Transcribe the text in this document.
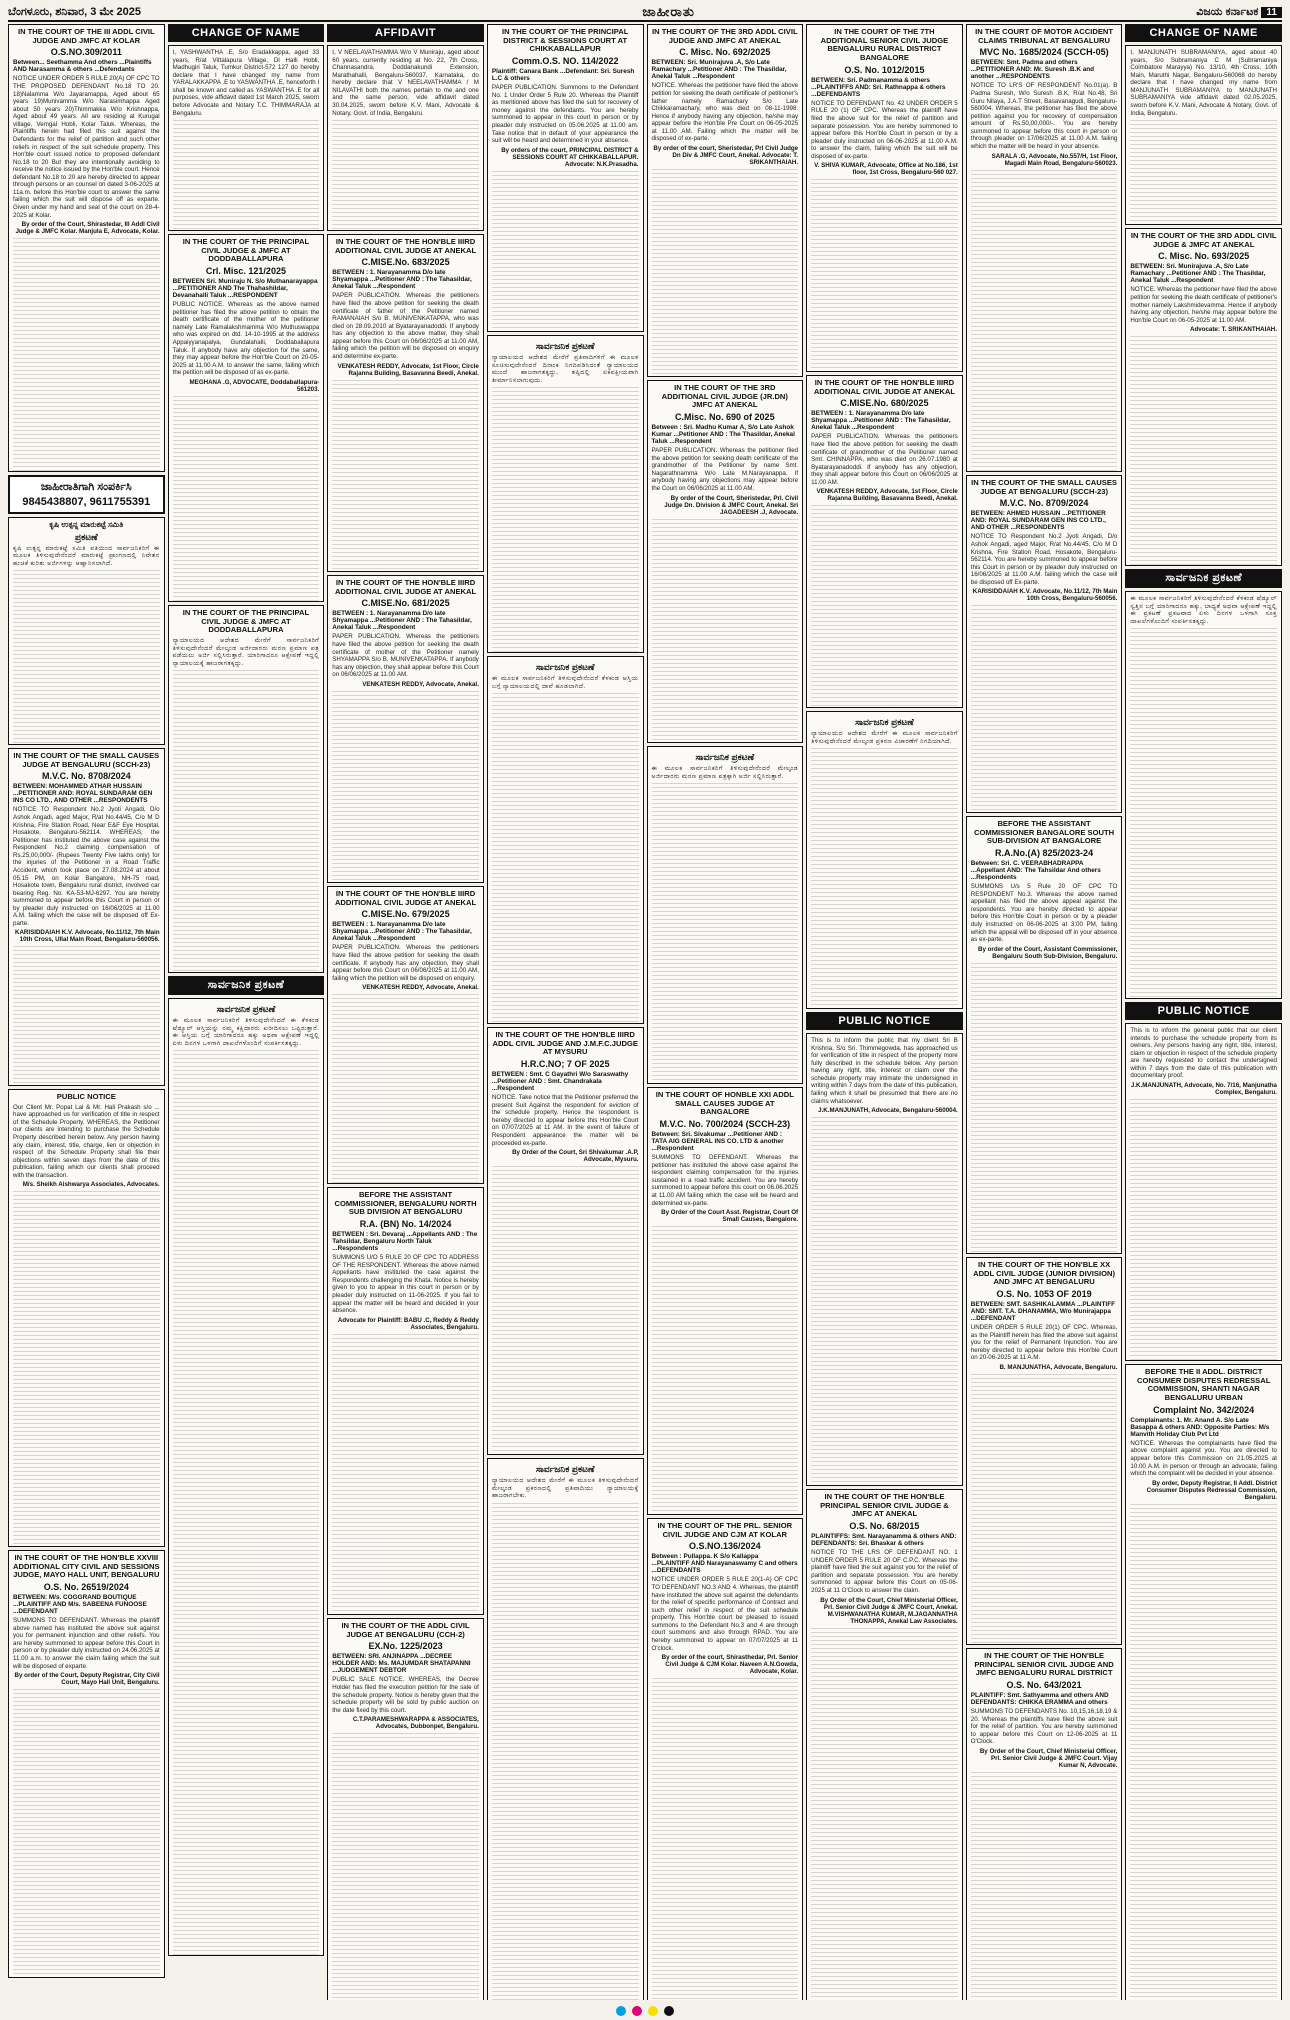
ಬೆಂಗಳೂರು, ಶನಿವಾರ, 3 ಮೇ 2025	ಜಾಹೀರಾತು	ವಿಜಯ ಕರ್ನಾಟಕ 11
IN THE COURT OF THE III ADDL CIVIL JUDGE AND JMFC AT KOLAR
O.S.NO.309/2011
Between... Seethamma And others ...Plaintiffs AND Narasamma & others ...Defendants
NOTICE UNDER ORDER 5 RULE 20(A) OF CPC TO THE PROPOSED DEFENDANT No.18 TO 20. 18)Nalamma W/o Jayaramappa, Aged about 65 years 19)Munivamma W/o Narasimhappa Aged about 50 years 20)Thimmakka W/o Krishnappa, Aged about 49 years. All are residing at Kurugal village, Vemgal Hobli, Kolar Taluk. Whereas, the Plaintiffs herein had filed this suit against the Defendants for the relief of partition and such other reliefs in respect of the suit schedule property. This Hon'ble court issued notice to proposed defendant No.18 to 20 But they are intentionally avoiding to receive the notice issued by the Hon'ble court. Hence defendant No.18 to 20 are hereby directed to appear through persons or an counsel on dated 3-06-2025 at 11a.m. before this Hon'ble court to answer the same failing which the suit will dispose off as exparte. Given under my hand and seal of the court on 28-4-2025 at Kolar.
By order of the Court, Shirastedar, III Addl Civil Judge & JMFC Kolar. Manjula E, Advocate, Kolar.
ಜಾಹೀರಾತಿಗಾಗಿ ಸಂಪರ್ಕಿಸಿ
9845438807, 9611755391
ಕೃಷಿ ಉತ್ಪನ್ನ ಮಾರುಕಟ್ಟೆ ಸಮಿತಿ
ಪ್ರಕಟಣೆ
ಕೃಷಿ ಉತ್ಪನ್ನ ಮಾರುಕಟ್ಟೆ ಸಮಿತಿ ವತಿಯಿಂದ ಸಾರ್ವಜನಿಕರಿಗೆ ಈ ಮೂಲಕ ತಿಳಿಸುವುದೇನೆಂದರೆ ಮಾರುಕಟ್ಟೆ ಪ್ರಾಂಗಣದಲ್ಲಿ ನಿವೇಶನ ಹಂಚಿಕೆ ಕುರಿತು ಅರ್ಜಿಗಳನ್ನು ಆಹ್ವಾನಿಸಲಾಗಿದೆ.
IN THE COURT OF THE SMALL CAUSES JUDGE AT BENGALURU (SCCH-23)
M.V.C. No. 8708/2024
BETWEEN: MOHAMMED ATHAR HUSSAIN ...PETITIONER AND: ROYAL SUNDARAM GEN INS CO LTD., AND OTHER ...RESPONDENTS
NOTICE TO Respondent No.2 Jyoti Angadi, D/o Ashok Angadi, aged Major, R/at No.44/45, C/o M D Krishna, Fire Station Road, Near E&F Eye Hospital, Hosakote, Bengaluru-562114. WHEREAS, the Petitioner has instituted the above case against the Respondent No.2 claiming compensation of Rs.25,00,000/- (Rupees Twenty Five lakhs only) for the injuries of the Petitioner in a Road Traffic Accident, which took place on 27.08.2024 at about 05.15 PM, on Kolar Bangalore, NH-75 road, Hosakote town, Bengaluru rural district, involved car bearing Reg. No. KA-53-MJ-6297. You are hereby summoned to appear before this Court in person or by pleader duly instructed on 16/06/2025 at 11.00 A.M. failing which the case will be disposed off Ex-parte.
KARISIDDAIAH K.V. Advocate, No.11/12, 7th Main 10th Cross, Ullal Main Road, Bengaluru-560056.
PUBLIC NOTICE
Our Client Mr. Popat Lal & Mr. Hali Prakash s/o ... have approached us for verification of title in respect of the Schedule Property. WHEREAS, the Petitioner our clients are intending to purchase the Schedule Property described herein below. Any person having any claim, interest, title, charge, lien or objection in respect of the Schedule Property shall file their objections within seven days from the date of this publication, failing which our clients shall proceed with the transaction.
M/s. Sheikh Aishwarya Associates, Advocates.
IN THE COURT OF THE HON'BLE XXVIII ADDITIONAL CITY CIVIL AND SESSIONS JUDGE, MAYO HALL UNIT, BENGALURU
O.S. No. 26519/2024
BETWEEN: M/s. COGGRAND BOUTIQUE ...PLAINTIFF AND M/s. SABEENA FUNOOSE ...DEFENDANT
SUMMONS TO DEFENDANT. Whereas the plaintiff above named has instituted the above suit against you for permanent injunction and other reliefs. You are hereby summoned to appear before this Court in person or by pleader duly instructed on 24.06.2025 at 11.00 a.m. to answer the claim failing which the suit will be disposed of exparte.
By order of the Court, Deputy Registrar, City Civil Court, Mayo Hall Unit, Bengaluru.
CHANGE OF NAME
I, YASHWANTHA .E, S/o Eradakkappa, aged 33 years, R/at Vittalapura Village, Dl Halli Hobli, Madhugiri Taluk, Tumkur District-572 127 do hereby declare that I have changed my name from YARALAKKAPPA .E to YASWANTHA .E, henceforth I shall be known and called as YASWANTHA .E for all purposes, vide affidavit dated 1st March 2025, sworn before Advocate and Notary T.C. THIMMARAJA at Bengaluru.
IN THE COURT OF THE PRINCIPAL CIVIL JUDGE & JMFC AT DODDABALLAPURA
Crl. Misc. 121/2025
BETWEEN Sri. Muniraju N. S/o Muthanarayappa ...PETITIONER AND The Thahashildar, Devanahalli Taluk ...RESPONDENT
PUBLIC NOTICE. Whereas as the above named petitioner has filed the above petition to obtain the death certificate of the mother of the petitioner namely Late Ramalakshmamma W/o Muthuswappa who was expired on dtd. 14-10-1995 at the address Appaiyyanapalya, Gundalahalli, Doddaballapura Taluk. If anybody have any objection for the same, they may appear before the Hon'ble Court on 20-05-2025 at 11.00 A.M. to answer the same, failing which the petition will be disposed of as ex-parte.
MEGHANA .G, ADVOCATE, Doddaballapura-561203.
IN THE COURT OF THE PRINCIPAL CIVIL JUDGE & JMFC AT DODDABALLAPURA
ನ್ಯಾಯಾಲಯದ ಆದೇಶದ ಮೇರೆಗೆ ಸಾರ್ವಜನಿಕರಿಗೆ ತಿಳಿಸುವುದೇನೆಂದರೆ ಮೇಲ್ಕಂಡ ಅರ್ಜಿದಾರರು ಮರಣ ಪ್ರಮಾಣ ಪತ್ರ ಪಡೆಯಲು ಅರ್ಜಿ ಸಲ್ಲಿಸಿರುತ್ತಾರೆ. ಯಾರಿಗಾದರೂ ಆಕ್ಷೇಪಣೆ ಇದ್ದಲ್ಲಿ ನ್ಯಾಯಾಲಯಕ್ಕೆ ಹಾಜರಾಗತಕ್ಕದ್ದು.
ಸಾರ್ವಜನಿಕ ಪ್ರಕಟಣೆ
ಸಾರ್ವಜನಿಕ ಪ್ರಕಟಣೆ
ಈ ಮೂಲಕ ಸಾರ್ವಜನಿಕರಿಗೆ ತಿಳಿಸುವುದೇನೆಂದರೆ ಈ ಕೆಳಕಂಡ ಷೆಡ್ಯೂಲ್ ಆಸ್ತಿಯನ್ನು ನಮ್ಮ ಕಕ್ಷಿದಾರರು ಖರೀದಿಸಲು ಒಪ್ಪಿರುತ್ತಾರೆ. ಈ ಆಸ್ತಿಯ ಬಗ್ಗೆ ಯಾರಿಗಾದರೂ ಹಕ್ಕು ಅಥವಾ ಆಕ್ಷೇಪಣೆ ಇದ್ದಲ್ಲಿ ಏಳು ದಿನಗಳ ಒಳಗಾಗಿ ದಾಖಲೆಗಳೊಂದಿಗೆ ಸಂಪರ್ಕಿಸತಕ್ಕದ್ದು.
AFFIDAVIT
I, V NEELAVATHAMMA W/o V Muniraju, aged about 60 years, currently residing at No. 22, 7th Cross, Channasandra, Doddanakundi Extension, Marathahalli, Bengaluru-560037, Karnataka, do hereby declare that V NEELAVATHAMMA / M NILAVATHI both the names pertain to me and one and the same person, vide affidavit dated 30.04.2025, sworn before K.V. Mani, Advocate & Notary, Govt. of India, Bengaluru.
IN THE COURT OF THE HON'BLE IIIRD ADDITIONAL CIVIL JUDGE AT ANEKAL
C.MISE.No. 683/2025
BETWEEN : 1. Narayanamma D/o late Shyamappa ...Petitioner AND : The Tahasildar, Anekal Taluk ...Respondent
PAPER PUBLICATION. Whereas the petitioners have filed the above petition for seeking the death certificate of father of the Petitioner named RAMANAIAH S/o B. MUNIVENKATAPPA, who was died on 28.09.2010 at Byatarayanadoddi. If anybody has any objection to the above matter, they shall appear before this Court on 06/06/2025 at 11.00 AM, failing which the petition will be disposed on enquiry and determine ex-parte.
VENKATESH REDDY, Advocate, 1st Floor, Circle Rajanna Building, Basavanna Beedi, Anekal.
IN THE COURT OF THE HON'BLE IIIRD ADDITIONAL CIVIL JUDGE AT ANEKAL
C.MISE.No. 681/2025
BETWEEN : 1. Narayanamma D/o late Shyamappa ...Petitioner AND : The Tahasildar, Anekal Taluk ...Respondent
PAPER PUBLICATION. Whereas the petitioners have filed the above petition for seeking the death certificate of mother of the Petitioner namely SHYAMAPPA S/o B. MUNIVENKATAPPA. If anybody has any objection, they shall appear before this Court on 06/06/2025 at 11.00 AM.
VENKATESH REDDY, Advocate, Anekal.
IN THE COURT OF THE HON'BLE IIIRD ADDITIONAL CIVIL JUDGE AT ANEKAL
C.MISE.No. 679/2025
BETWEEN : 1. Narayanamma D/o late Shyamappa ...Petitioner AND : The Tahasildar, Anekal Taluk ...Respondent
PAPER PUBLICATION. Whereas the petitioners have filed the above petition for seeking the death certificate. If anybody has any objection, they shall appear before this Court on 06/06/2025 at 11.00 AM, failing which the petition will be disposed on enquiry.
VENKATESH REDDY, Advocate, Anekal.
BEFORE THE ASSISTANT COMMISSIONER, BENGALURU NORTH SUB DIVISION AT BENGALURU
R.A. (BN) No. 14/2024
BETWEEN : Sri. Devaraj ...Appellants AND : The Tahsildar, Bengaluru North Taluk ...Respondents
SUMMONS U/O 5 RULE 20 OF CPC TO ADDRESS OF THE RESPONDENT. Whereas the above named Appellants have instituted the case against the Respondents challenging the Khata. Notice is hereby given to you to appear in this court in person or by pleader duly instructed on 11-06-2025. If you fail to appear the matter will be heard and decided in your absence.
Advocate for Plaintiff: BABU .C, Reddy & Reddy Associates, Bengaluru.
IN THE COURT OF THE ADDL CIVIL JUDGE AT BENGALURU (CCH-2)
EX.No. 1225/2023
BETWEEN: SRI. ANJINAPPA ...DECREE HOLDER AND: Ms. MAJUMDAR SHATAPANNI ...JUDGEMENT DEBTOR
PUBLIC SALE NOTICE. WHEREAS, the Decree Holder has filed the execution petition for the sale of the schedule property. Notice is hereby given that the schedule property will be sold by public auction on the date fixed by this court.
C.T.PARAMESHWARAPPA & ASSOCIATES, Advocates, Dubbonpet, Bengaluru.
IN THE COURT OF THE PRINCIPAL DISTRICT & SESSIONS COURT AT CHIKKABALLAPUR
Comm.O.S. NO. 114/2022
Plaintiff: Canara Bank ...Defendant: Sri. Suresh L.C & others
PAPER PUBLICATION. Summons to the Defendant No. 1 Under Order 5 Rule 20. Whereas the Plaintiff as mentioned above has filed the suit for recovery of money against the defendants. You are hereby summoned to appear in this court in person or by pleader duly instructed on 05.06.2025 at 11.00 am. Take notice that in default of your appearance the suit will be heard and determined in your absence.
By orders of the court, PRINCIPAL DISTRICT & SESSIONS COURT AT CHIKKABALLAPUR. Advocate: N.K.Prasadha.
ಸಾರ್ವಜನಿಕ ಪ್ರಕಟಣೆ
ನ್ಯಾಯಾಲಯದ ಆದೇಶದ ಮೇರೆಗೆ ಪ್ರತಿವಾದಿಗಳಿಗೆ ಈ ಮೂಲಕ ಸೂಚಿಸುವುದೇನೆಂದರೆ ದಿನಾಂಕ ನಿಗದಿಪಡಿಸಿದಂತೆ ನ್ಯಾಯಾಲಯದ ಮುಂದೆ ಹಾಜರಾಗತಕ್ಕದ್ದು, ತಪ್ಪಿದಲ್ಲಿ ಏಕಪಕ್ಷೀಯವಾಗಿ ತೀರ್ಮಾನಿಸಲಾಗುವುದು.
ಸಾರ್ವಜನಿಕ ಪ್ರಕಟಣೆ
ಈ ಮೂಲಕ ಸಾರ್ವಜನಿಕರಿಗೆ ತಿಳಿಸುವುದೇನೆಂದರೆ ಕೆಳಕಂಡ ಆಸ್ತಿಯ ಬಗ್ಗೆ ನ್ಯಾಯಾಲಯದಲ್ಲಿ ದಾವೆ ಹೂಡಲಾಗಿದೆ.
IN THE COURT OF THE HON'BLE IIIRD ADDL CIVIL JUDGE AND J.M.F.C.JUDGE AT MYSURU
H.R.C.NO; 7 OF 2025
BETWEEN : Smt. C Gayathri W/o Saraswathy ...Petitioner AND : Smt. Chandrakala ...Respondent
NOTICE. Take notice that the Petitioner preferred the present Suit Against the respondent for eviction of the schedule property. Hence the respondent is hereby directed to appear before this Hon'ble Court on 07/07/2025 at 11 AM. In the event of failure of Respondent appearance the matter will be proceeded ex-parte.
By Order of the Court, Sri Shivakumar .A.P, Advocate, Mysuru.
ಸಾರ್ವಜನಿಕ ಪ್ರಕಟಣೆ
ನ್ಯಾಯಾಲಯದ ಆದೇಶದ ಮೇರೆಗೆ ಈ ಮೂಲಕ ತಿಳಿಸುವುದೇನೆಂದರೆ ಮೇಲ್ಕಂಡ ಪ್ರಕರಣದಲ್ಲಿ ಪ್ರತಿವಾದಿಯು ನ್ಯಾಯಾಲಯಕ್ಕೆ ಹಾಜರಾಗಬೇಕು.
IN THE COURT OF THE 3RD ADDL CIVIL JUDGE AND JMFC AT ANEKAL
C. Misc. No. 692/2025
BETWEEN: Sri. Munirajuva .A, S/o Late Ramachary ...Petitioner AND : The Thasildar, Anekal Taluk ...Respondent
NOTICE. Whereas the petitioner have filed the above petition for seeking the death certificate of petitioner's father namely Ramachary S/o Late Chikkaramachary, who was died on 08-11-1998. Hence if anybody having any objection, he/she may appear before the Hon'ble Pre Court on 06-05-2025 at 11.00 AM. Failing which the matter will be disposed of ex-parte.
By order of the court, Sheristedar, Prl Civil Judge Dn Div & JMFC Court, Anekal. Advocate: T. SRIKANTHAIAH.
IN THE COURT OF THE 3RD ADDITIONAL CIVIL JUDGE (JR.DN) JMFC AT ANEKAL
C.Misc. No. 690 of 2025
Between : Sri. Madhu Kumar A, S/o Late Ashok Kumar ...Petitioner AND : The Thasildar, Anekal Taluk ...Respondent
PAPER PUBLICATION. Whereas the petitioner filed the above petition for seeking death certificate of the grandmother of the Petitioner by name Smt. Nagarathnamma W/o Late M.Narayanappa. If anybody having any objections may appear before the Court on 06/06/2025 at 11.00 AM.
By order of the Court, Sheristedar, Prl. Civil Judge Dn. Division & JMFC Court, Anekal. Sri JAGADEESH .J, Advocate.
ಸಾರ್ವಜನಿಕ ಪ್ರಕಟಣೆ
ಈ ಮೂಲಕ ಸಾರ್ವಜನಿಕರಿಗೆ ತಿಳಿಸುವುದೇನೆಂದರೆ ಮೇಲ್ಕಂಡ ಅರ್ಜಿದಾರರು ಮರಣ ಪ್ರಮಾಣ ಪತ್ರಕ್ಕಾಗಿ ಅರ್ಜಿ ಸಲ್ಲಿಸಿರುತ್ತಾರೆ.
IN THE COURT OF HONBLE XXI ADDL SMALL CAUSES JUDGE AT BANGALORE
M.V.C. No. 700/2024 (SCCH-23)
Between: Sri. Sivakumar ...Petitioner AND : TATA AIG GENERAL INS CO. LTD & another ...Respondent
SUMMONS TO DEFENDANT. Whereas the petitioner has instituted the above case against the respondent claiming compensation for the injuries sustained in a road traffic accident. You are hereby summoned to appear before this court on 06.06.2025 at 11.00 AM failing which the case will be heard and determined ex-parte.
By Order of the Court Asst. Registrar, Court Of Small Causes, Bangalore.
IN THE COURT OF THE PRL. SENIOR CIVIL JUDGE AND CJM AT KOLAR
O.S.NO.136/2024
Between : Pullappa. K S/o Kallappa ...PLAINTIFF AND Narayanaswamy C and others ...DEFENDANTS
NOTICE UNDER ORDER 5 RULE 20(1-A) OF CPC TO DEFENDANT NO.3 AND 4. Whereas, the plaintiff have instituted the above suit against the defendants for the relief of specific performance of Contract and such other relief in respect of the suit schedule property. This Hon'ble court be pleased to issued summons to the Defendant No.3 and 4 are through court summons and also through RPAD. You are hereby summoned to appear on 07/07/2025 at 11 O'clock.
By order of the court, Shirasthedar, Prl. Senior Civil Judge & CJM Kolar. Naveen A.N.Gowda, Advocate, Kolar.
IN THE COURT OF THE 7TH ADDITIONAL SENIOR CIVIL JUDGE BENGALURU RURAL DISTRICT BANGALORE
O.S. No. 1012/2015
BETWEEN: Sri. Padmanamma & others ...PLAINTIFFS AND: Sri. Rathnappa & others ...DEFENDANTS
NOTICE TO DEFENDANT No. 42 UNDER ORDER 5 RULE 20 (1) OF CPC. Whereas the plaintiff have filed the above suit for the relief of partition and separate possession. You are hereby summoned to appear before this Hon'ble Court in person or by a pleader duly instructed on 06-06-2025 at 11.00 A.M. to answer the claim, failing which the suit will be disposed of ex-parte.
V. SHIVA KUMAR, Advocate, Office at No.186, 1st floor, 1st Cross, Bengaluru-560 027.
IN THE COURT OF THE HON'BLE IIIRD ADDITIONAL CIVIL JUDGE AT ANEKAL
C.MISE.No. 680/2025
BETWEEN : 1. Narayanamma D/o late Shyamappa ...Petitioner AND : The Tahasildar, Anekal Taluk ...Respondent
PAPER PUBLICATION. Whereas the petitioners have filed the above petition for seeking the death certificate of grandmother of the Petitioner named Smt. CHINNAPPA, who was died on 26.07.1980 at Byatarayanadoddi. If anybody has any objection, they shall appear before this Court on 06/06/2025 at 11.00 AM.
VENKATESH REDDY, Advocate, 1st Floor, Circle Rajanna Building, Basavanna Beedi, Anekal.
ಸಾರ್ವಜನಿಕ ಪ್ರಕಟಣೆ
ನ್ಯಾಯಾಲಯದ ಆದೇಶದ ಮೇರೆಗೆ ಈ ಮೂಲಕ ಸಾರ್ವಜನಿಕರಿಗೆ ತಿಳಿಸುವುದೇನೆಂದರೆ ಮೇಲ್ಕಂಡ ಪ್ರಕರಣ ವಿಚಾರಣೆಗೆ ನಿಗದಿಯಾಗಿದೆ.
PUBLIC NOTICE
This is to inform the public that my client Sri B Krishna, S/o Sri. Thimmegowda, has approached us for verification of title in respect of the property more fully described in the schedule below. Any person having any right, title, interest or claim over the schedule property may intimate the undersigned in writing within 7 days from the date of this publication, failing which it shall be presumed that there are no claims whatsoever.
J.K.MANJUNATH, Advocate, Bengaluru-560004.
IN THE COURT OF THE HON'BLE PRINCIPAL SENIOR CIVIL JUDGE & JMFC AT ANEKAL
O.S. No. 68/2015
PLAINTIFFS: Smt. Narayanamma & others AND: DEFENDANTS: Sri. Bhaskar & others
NOTICE TO THE LRS OF DEFENDANT NO. 1 UNDER ORDER 5 RULE 20 OF C.P.C. Whereas the plaintiff have filed the suit against you for the relief of partition and separate possession. You are hereby summoned to appear before this Court on 05-06-2025 at 11 O'Clock to answer the claim.
By Order of the Court, Chief Ministerial Officer, Prl. Senior Civil Judge & JMFC Court, Anekal. M.VISHWANATHA KUMAR, M.JAGANNATHA THONAPPA, Anekal Law Associates.
IN THE COURT OF MOTOR ACCIDENT CLAIMS TRIBUNAL AT BENGALURU
MVC No. 1685/2024 (SCCH-05)
BETWEEN: Smt. Padma and others ...PETITIONER AND: Mr. Suresh .B.K and another ...RESPONDENTS
NOTICE TO LR'S OF RESPONDENT No.01(a). B Padma Suresh, W/o Suresh .B.K, R/at No.48, Sri Guru Nilaya, J.A.T Street, Basavanagudi, Bengaluru-560004. Whereas, the petitioner has filed the above petition against you for recovery of compensation amount of Rs.50,00,000/-. You are hereby summoned to appear before this court in person or through pleader on 17/06/2025 at 11.00 A.M. failing which the matter will be heard in your absence.
SARALA .G, Advocate, No.557/H, 1st Floor, Magadi Main Road, Bengaluru-560023.
IN THE COURT OF THE SMALL CAUSES JUDGE AT BENGALURU (SCCH-23)
M.V.C. No. 8709/2024
BETWEEN: AHMED HUSSAIN ...PETITIONER AND: ROYAL SUNDARAM GEN INS CO LTD., AND OTHER ...RESPONDENTS
NOTICE TO Respondent No.2 Jyoti Angadi, D/o Ashok Angadi, aged Major, R/at No.44/45, C/o M D Krishna, Fire Station Road, Hosakote, Bengaluru-562114. You are hereby summoned to appear before this Court in person or by pleader duly instructed on 16/06/2025 at 11.00 A.M. failing which the case will be disposed off Ex-parte.
KARISIDDAIAH K.V. Advocate, No.11/12, 7th Main 10th Cross, Bengaluru-560056.
BEFORE THE ASSISTANT COMMISSIONER BANGALORE SOUTH SUB-DIVISION AT BANGALORE
R.A.No.(A) 825/2023-24
Between: Sri. C. VEERABHADRAPPA ...Appellant AND: The Tahsildar And others ...Respondents
SUMMONS U/s 5 Rule 20 OF CPC TO RESPONDENT No.3. Whereas the above named appellant has filed the above appeal against the respondents. You are hereby directed to appear before this Hon'ble Court in person or by a pleader duly instructed on 06-06-2025 at 3:00 PM, failing which the appeal will be disposed off in your absence as ex-parte.
By order of the Court, Assistant Commissioner, Bengaluru South Sub-Division, Bengaluru.
IN THE COURT OF THE HON'BLE XX ADDL CIVIL JUDGE (JUNIOR DIVISION) AND JMFC AT BENGALURU
O.S. No. 1053 OF 2019
BETWEEN: SMT. SASHIKALAMMA ...PLAINTIFF AND: SMT. T.A. DHANAMMA, W/o Munirajappa ...DEFENDANT
UNDER ORDER 5 RULE 20(1) OF CPC. Whereas, as the Plaintiff herein has filed the above suit against you for the relief of Permanent Injunction. You are hereby directed to appear before this Hon'ble Court on 20-06-2025 at 11 A.M.
B. MANJUNATHA, Advocate, Bengaluru.
IN THE COURT OF THE HON'BLE PRINCIPAL SENIOR CIVIL JUDGE AND JMFC BENGALURU RURAL DISTRICT
O.S. No. 643/2021
PLAINTIFF: Smt. Sathyamma and others AND DEFENDANTS: CHIKKA ERAMMA and others
SUMMONS TO DEFENDANTS No. 10,15,16,18,19 & 20. Whereas the plaintiffs have filed the above suit for the relief of partition. You are hereby summoned to appear before this Court on 12-06-2025 at 11 O'Clock.
By Order of the Court, Chief Ministerial Officer, Prl. Senior Civil Judge & JMFC Court. Vijay Kumar N, Advocate.
CHANGE OF NAME
I, MANJUNATH SUBRAMANIYA, aged about 40 years, S/o Subramaniya C M (Subramaniya Coimbatore Marayya) No. 13/10, 4th Cross, 10th Main, Maruthi Nagar, Bengaluru-560068 do hereby declare that I have changed my name from MANJUNATH SUBRAMANIYA to MANJUNATH SUBRAMANIYA vide affidavit dated 02.05.2025, sworn before K.V. Mani, Advocate & Notary, Govt. of India, Bengaluru.
IN THE COURT OF THE 3RD ADDL CIVIL JUDGE & JMFC AT ANEKAL
C. Misc. No. 693/2025
BETWEEN: Sri. Munirajuva .A, S/o Late Ramachary ...Petitioner AND : The Thasildar, Anekal Taluk ...Respondent
NOTICE. Whereas the petitioner have filed the above petition for seeking the death certificate of petitioner's mother namely Lakshmidevamma. Hence if anybody having any objection, he/she may appear before the Hon'ble Court on 06-05-2025 at 11.00 AM.
Advocate: T. SRIKANTHAIAH.
ಸಾರ್ವಜನಿಕ ಪ್ರಕಟಣೆ
ಈ ಮೂಲಕ ಸಾರ್ವಜನಿಕರಿಗೆ ತಿಳಿಸುವುದೇನೆಂದರೆ ಕೆಳಕಂಡ ಷೆಡ್ಯೂಲ್ ಸ್ವತ್ತಿನ ಬಗ್ಗೆ ಯಾರಿಗಾದರೂ ಹಕ್ಕು, ಬಾಧ್ಯತೆ ಅಥವಾ ಆಕ್ಷೇಪಣೆ ಇದ್ದಲ್ಲಿ ಈ ಪ್ರಕಟಣೆ ಪ್ರಕಟವಾದ ಏಳು ದಿನಗಳ ಒಳಗಾಗಿ ಸೂಕ್ತ ದಾಖಲೆಗಳೊಂದಿಗೆ ಸಂಪರ್ಕಿಸತಕ್ಕದ್ದು.
PUBLIC NOTICE
This is to inform the general public that our client intends to purchase the schedule property from its owners. Any persons having any right, title, interest, claim or objection in respect of the schedule property are hereby requested to contact the undersigned within 7 days from the date of this publication with documentary proof.
J.K.MANJUNATH, Advocate, No. 7/16, Manjunatha Complex, Bengaluru.
BEFORE THE II ADDL. DISTRICT CONSUMER DISPUTES REDRESSAL COMMISSION, SHANTI NAGAR BENGALURU URBAN
Complaint No. 342/2024
Complainants: 1. Mr. Anand A. S/o Late Basappa & others AND: Opposite Parties: M/s Manvith Holiday Club Pvt Ltd
NOTICE. Whereas the complainants have filed the above complaint against you. You are directed to appear before this Commission on 21.05.2025 at 10.00 A.M. in person or through an advocate, failing which the complaint will be decided in your absence.
By order, Deputy Registrar, II Addl. District Consumer Disputes Redressal Commission, Bengaluru.
